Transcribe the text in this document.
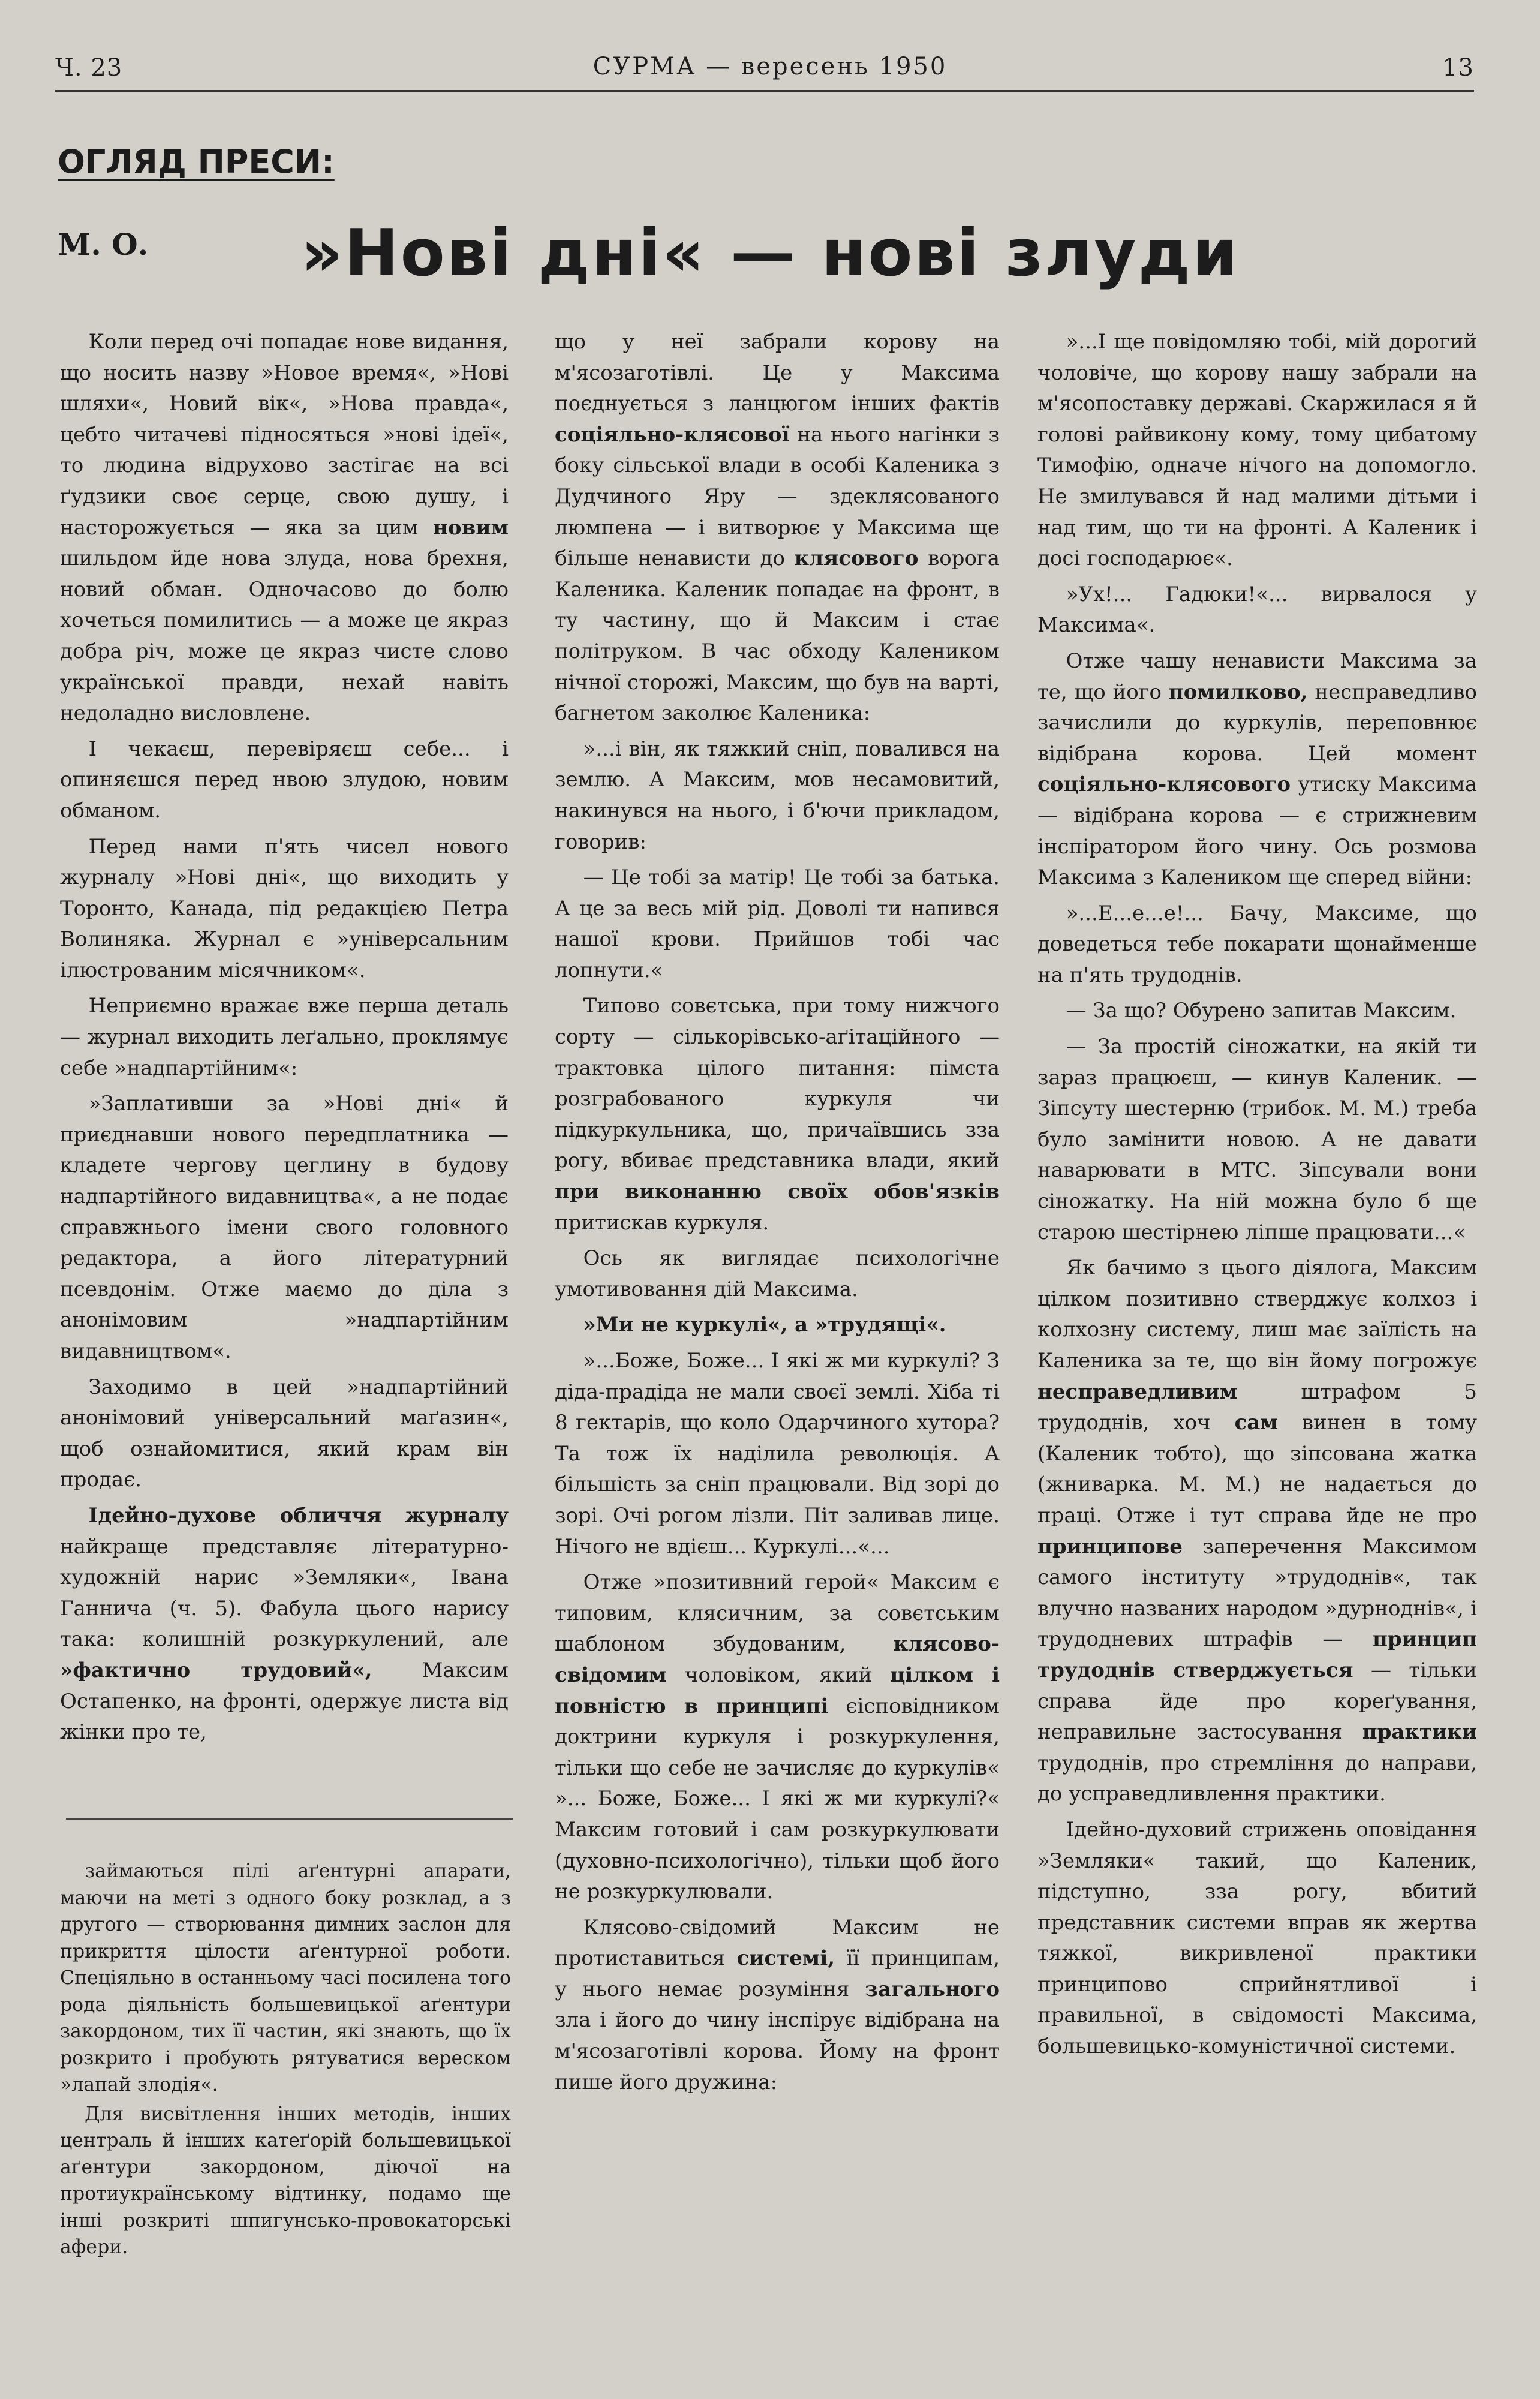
Ч. 23	СУРМА — вересень 1950	13
ОГЛЯД ПРЕСИ:
М. О.	»Нові дні« — нові злуди

Коли перед очі попадає нове видання, що носить назву »Новое время«, »Нові шляхи«, Новий вік«, »Нова правда«, цебто читачеві підносяться »нові ідеї«, то людина відрухово застігає на всі ґудзики своє серце, свою душу, і насторожується — яка за цим новим шильдом йде нова злуда, нова брехня, новий обман. Одночасово до болю хочеться помилитись — а може це якраз добра річ, може це якраз чисте слово української правди, нехай навіть недоладно висловлене.

І чекаєш, перевіряєш себе... і опиняєшся перед нвою злудою, новим обманом.

Перед нами п'ять чисел нового журналу »Нові дні«, що виходить у Торонто, Канада, під редакцією Петра Волиняка. Журнал є »універсальним ілюстрованим місячником«.

Неприємно вражає вже перша деталь — журнал виходить леґально, проклямує себе »надпартійним«:

»Заплативши за »Нові дні« й приєднавши нового передплатника — кладете чергову цеглину в будову надпартійного видавництва«, а не подає справжнього імени свого головного редактора, а його літературний псевдонім. Отже маємо до діла з анонімовим »надпартійним видавництвом«.

Заходимо в цей »надпартійний анонімовий універсальний маґазин«, щоб ознайомитися, який крам він продає.

Ідейно-духове обличчя журналу найкраще представляє літературно-художній нарис »Земляки«, Івана Ганнича (ч. 5). Фабула цього нарису така: колишній розкуркулений, але »фактично трудовий«, Максим Остапенко, на фронті, одержує листа від жінки про те,

займаються пілі аґентурні апарати, маючи на меті з одного боку розклад, а з другого — створювання димних заслон для прикриття цілости аґентурної роботи. Спеціяльно в останньому часі посилена того рода діяльність большевицької аґентури закордоном, тих її частин, які знають, що їх розкрито і пробують рятуватися вереском »лапай злодія«.

Для висвітлення інших методів, інших централь й інших катеґорій большевицької аґентури закордоном, діючої на протиукраїнському відтинку, подамо ще інші розкриті шпигунсько-провокаторські афери.

що у неї забрали корову на м'ясозаготівлі. Це у Максима поєднується з ланцюгом інших фактів соціяльно-клясової на нього нагінки з боку сільської влади в особі Каленика з Дудчиного Яру — здеклясованого люмпена — і витворює у Максима ще більше ненависти до клясового ворога Каленика. Каленик попадає на фронт, в ту частину, що й Максим і стає політруком. В час обходу Калеником нічної сторожі, Максим, що був на варті, багнетом заколює Каленика:

»...і він, як тяжкий сніп, повалився на землю. А Максим, мов несамовитий, накинувся на нього, і б'ючи прикладом, говорив:

— Це тобі за матір! Це тобі за батька. А це за весь мій рід. Доволі ти напився нашої крови. Прийшов тобі час лопнути.«

Типово совєтська, при тому нижчого сорту — сількорівсько-аґітаційного — трактовка цілого питання: пімста розграбованого куркуля чи підкуркульника, що, причаївшись зза рогу, вбиває представника влади, який при виконанню своїх обов'язків притискав куркуля.

Ось як виглядає психологічне умотивовання дій Максима.

»Ми не куркулі«, а »трудящі«.

»...Боже, Боже... І які ж ми куркулі? З діда-прадіда не мали своєї землі. Хіба ті 8 гектарів, що коло Одарчиного хутора? Та тож їх наділила революція. А більшість за сніп працювали. Від зорі до зорі. Очі рогом лізли. Піт заливав лице. Нічого не вдієш... Куркулі...«...

Отже »позитивний герой« Максим є типовим, клясичним, за совєтським шаблоном збудованим, клясово-свідомим чоловіком, який цілком і повністю в принципі єісповідником доктрини куркуля і розкуркулення, тільки що себе не зачисляє до куркулів« »... Боже, Боже... І які ж ми куркулі?« Максим готовий і сам розкуркулювати (духовно-психологічно), тільки щоб його не розкуркулювали.

Клясово-свідомий Максим не протиставиться системі, її принципам, у нього немає розуміння загального зла і його до чину інспірує відібрана на м'ясозаготівлі корова. Йому на фронт пише його дружина:

»...І ще повідомляю тобі, мій дорогий чоловіче, що корову нашу забрали на м'ясопоставку державі. Скаржилася я й голові райвикону кому, тому цибатому Тимофію, одначе нічого на допомогло. Не змилувався й над малими дітьми і над тим, що ти на фронті. А Каленик і досі господарює«.

»Ух!... Гадюки!«... вирвалося у Максима«.

Отже чашу ненависти Максима за те, що його помилково, несправедливо зачислили до куркулів, переповнює відібрана корова. Цей момент соціяльно-клясового утиску Максима — відібрана корова — є стрижневим інспіратором його чину. Ось розмова Максима з Калеником ще сперед війни:

»...Е...е...е!... Бачу, Максиме, що доведеться тебе покарати щонайменше на п'ять трудоднів.

— За що? Обурено запитав Максим.

— За простій сіножатки, на якій ти зараз працюєш, — кинув Каленик. — Зіпсуту шестерню (трибок. М. М.) треба було замінити новою. А не давати наварювати в МТС. Зіпсували вони сіножатку. На ній можна було б ще старою шестірнею ліпше працювати...«

Як бачимо з цього діялога, Максим цілком позитивно стверджує колхоз і колхозну систему, лиш має заїлість на Каленика за те, що він йому погрожує несправедливим	штрафом 5 трудоднів, хоч сам винен в тому (Каленик тобто), що зіпсована жатка (жниварка. М. М.) не надається до праці. Отже і тут справа йде не про принципове заперечення Максимом самого інституту »трудоднів«, так влучно названих народом »дурноднів«, і трудодневих штрафів — принцип трудоднів стверджується — тільки справа йде про кореґування, неправильне застосування практики трудоднів, про стремління до направи, до усправедливлення практики.

Ідейно-духовий стрижень оповідання »Земляки« такий, що Каленик, підступно, зза рогу, вбитий представник системи вправ як жертва тяжкої, викривленої практики принципово сприйнятливої і правильної, в свідомості Максима, большевицько-комуністичної системи.
